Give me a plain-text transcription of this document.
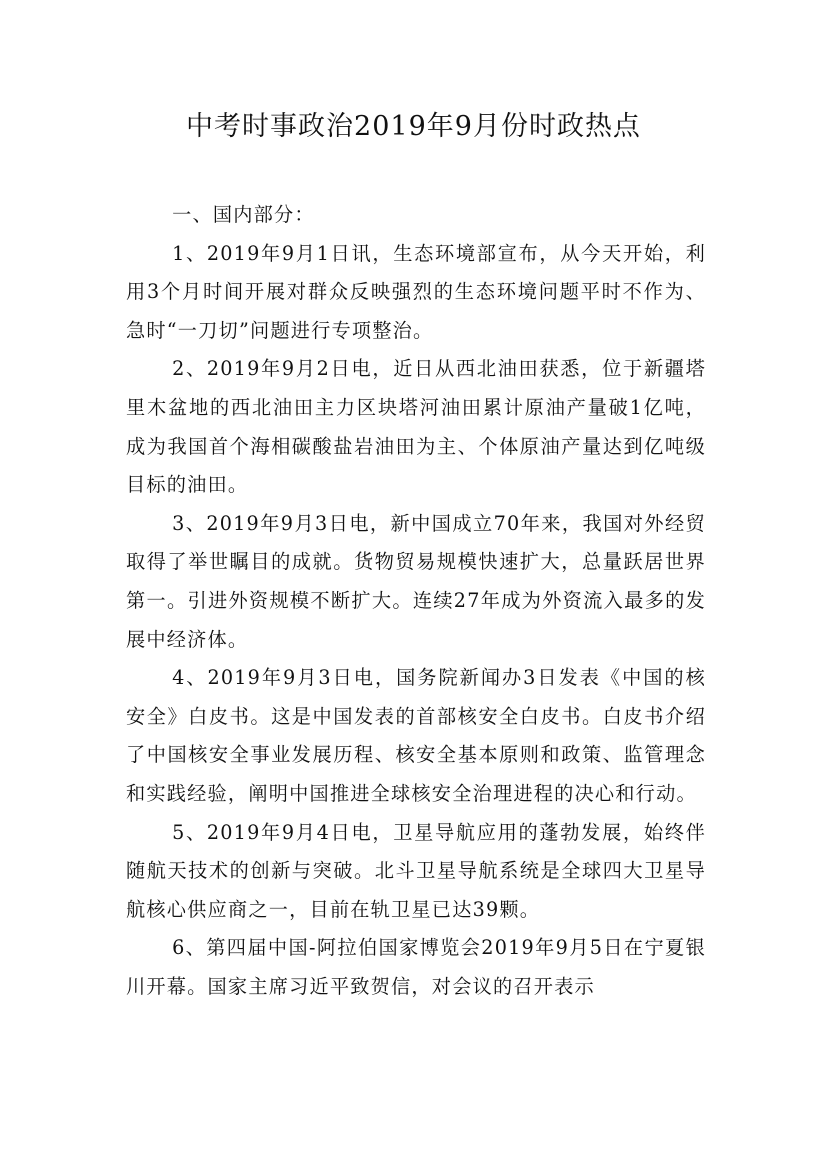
中考时事政治2019年9月份时政热点

一、国内部分：

1、2019年9月1日讯，生态环境部宣布，从今天开始，利用3个月时间开展对群众反映强烈的生态环境问题平时不作为、急时“一刀切”问题进行专项整治。

2、2019年9月2日电，近日从西北油田获悉，位于新疆塔里木盆地的西北油田主力区块塔河油田累计原油产量破1亿吨，成为我国首个海相碳酸盐岩油田为主、个体原油产量达到亿吨级目标的油田。

3、2019年9月3日电，新中国成立70年来，我国对外经贸取得了举世瞩目的成就。货物贸易规模快速扩大，总量跃居世界第一。引进外资规模不断扩大。连续27年成为外资流入最多的发展中经济体。

4、2019年9月3日电，国务院新闻办3日发表《中国的核安全》白皮书。这是中国发表的首部核安全白皮书。白皮书介绍了中国核安全事业发展历程、核安全基本原则和政策、监管理念和实践经验，阐明中国推进全球核安全治理进程的决心和行动。

5、2019年9月4日电，卫星导航应用的蓬勃发展，始终伴随航天技术的创新与突破。北斗卫星导航系统是全球四大卫星导航核心供应商之一，目前在轨卫星已达39颗。

6、第四届中国-阿拉伯国家博览会2019年9月5日在宁夏银川开幕。国家主席习近平致贺信，对会议的召开表示
